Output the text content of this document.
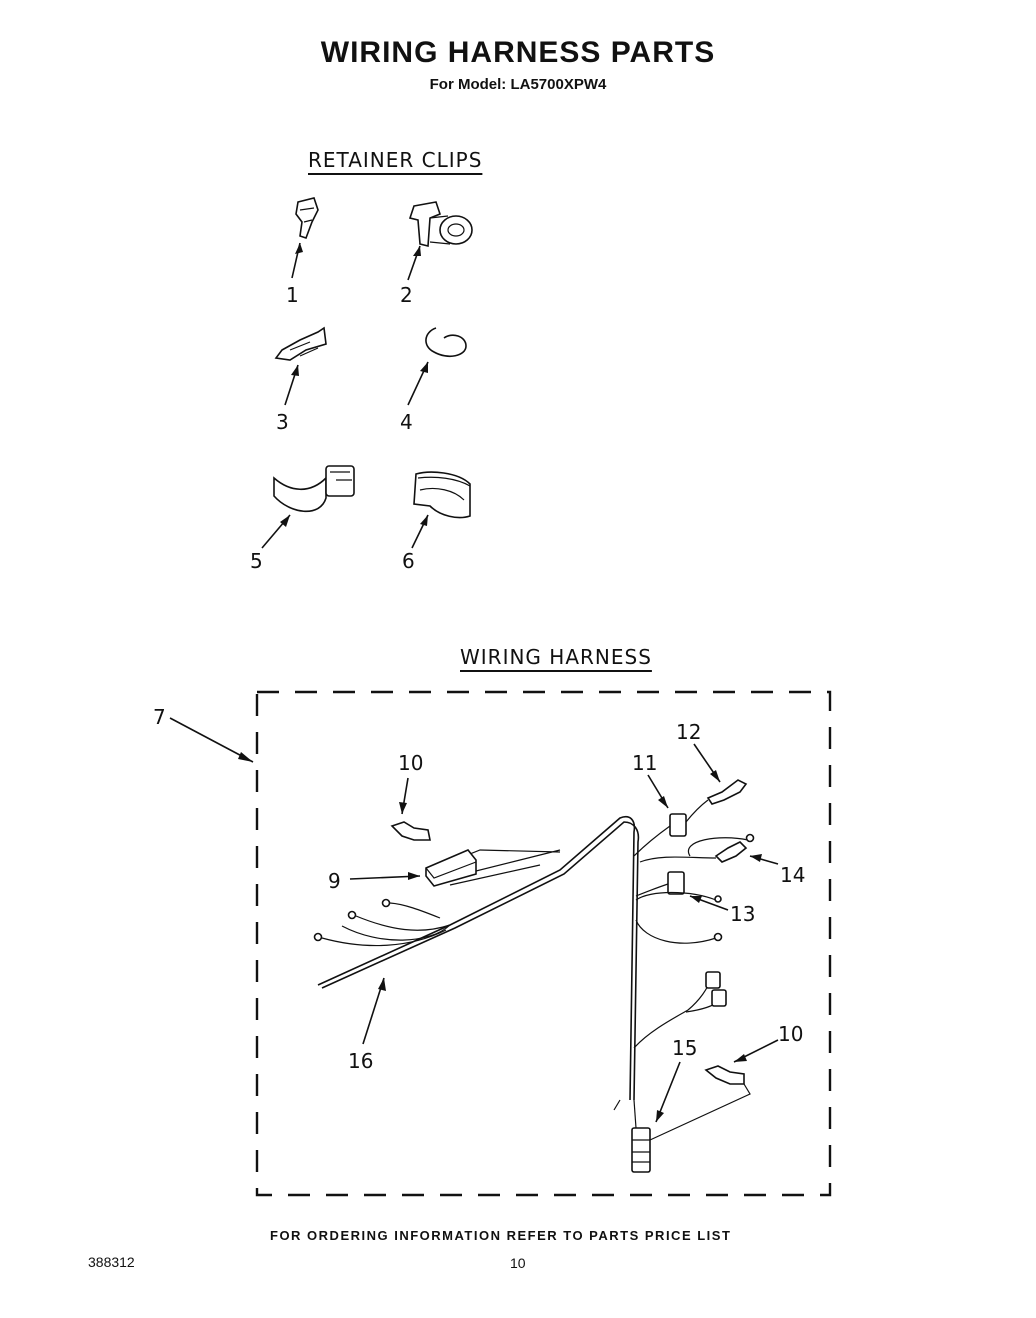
WIRING HARNESS PARTS
For Model: LA5700XPW4
RETAINER CLIPS
WIRING HARNESS
1	2
3	4
5	6
7
9
10
10
11
12
13
14
15
16
FOR ORDERING INFORMATION REFER TO PARTS PRICE LIST
388312	10
